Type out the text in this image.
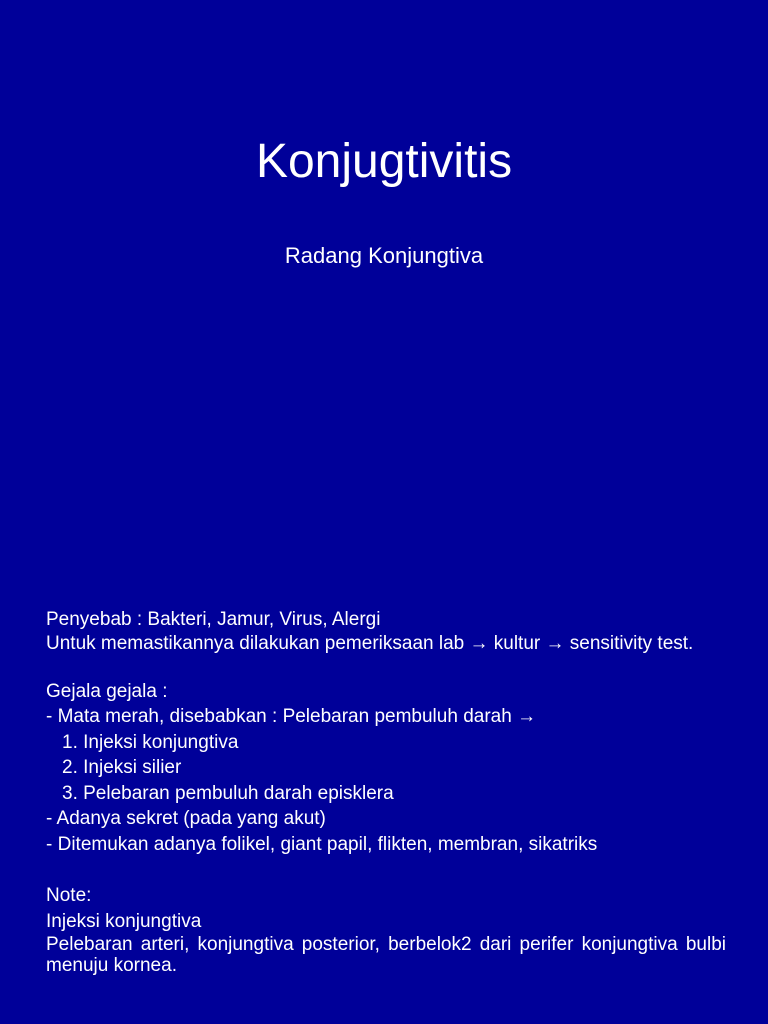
Konjugtivitis
Radang Konjungtiva
Penyebab : Bakteri, Jamur, Virus, Alergi
Untuk memastikannya dilakukan pemeriksaan lab → kultur → sensitivity test.
Gejala gejala :
- Mata merah, disebabkan : Pelebaran pembuluh darah →
1. Injeksi konjungtiva
2. Injeksi silier
3. Pelebaran pembuluh darah episklera
- Adanya sekret (pada yang akut)
- Ditemukan adanya folikel, giant papil, flikten, membran, sikatriks
Note:
Injeksi konjungtiva
Pelebaran arteri, konjungtiva posterior, berbelok2 dari perifer konjungtiva bulbi menuju kornea.
